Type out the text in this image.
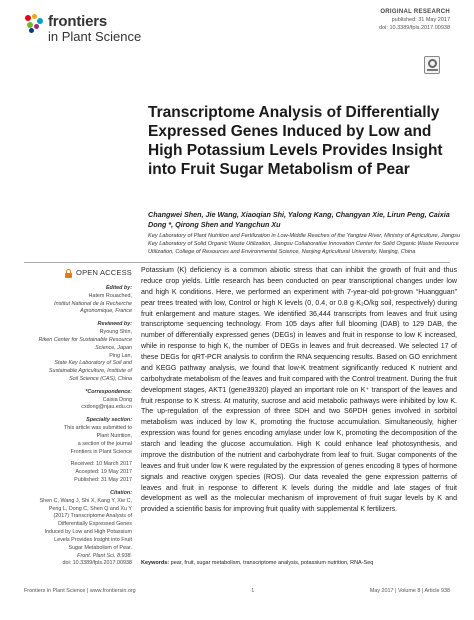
frontiers
in Plant Science
ORIGINAL RESEARCH
published: 31 May 2017
doi: 10.3389/fpls.2017.00938
Transcriptome Analysis of Differentially Expressed Genes Induced by Low and High Potassium Levels Provides Insight into Fruit Sugar Metabolism of Pear
Changwei Shen, Jie Wang, Xiaoqian Shi, Yalong Kang, Changyan Xie, Lirun Peng, Caixia Dong *, Qirong Shen and Yangchun Xu
Key Laboratory of Plant Nutrition and Fertilization in Low-Middle Reaches of the Yangtze River, Ministry of Agriculture, Jiangsu Key Laboratory of Solid Organic Waste Utilization, Jiangsu Collaborative Innovation Center for Solid Organic Waste Resource Utilization, College of Resources and Environmental Science, Nanjing Agricultural University, Nanjing, China
OPEN ACCESS
Edited by:
Hatem Rouached,
Institut National de la Recherche
Agronomique, France
Reviewed by:
Ryoung Shin,
Riken Center for Sustainable Resource
Science, Japan
Ping Lan,
State Key Laboratory of Soil and
Sustainable Agriculture, Institute of
Soil Science (CAS), China
*Correspondence:
Caixia Dong
cxdong@njau.edu.cn
Specialty section:
This article was submitted to
Plant Nutrition,
a section of the journal
Frontiers in Plant Science
Received: 10 March 2017
Accepted: 19 May 2017
Published: 31 May 2017
Citation:
Shen C, Wang J, Shi X, Kang Y, Xie C,
Peng L, Dong C, Shen Q and Xu Y
(2017) Transcriptome Analysis of
Differentially Expressed Genes
Induced by Low and High Potassium
Levels Provides Insight into Fruit
Sugar Metabolism of Pear.
Front. Plant Sci. 8:938.
doi: 10.3389/fpls.2017.00938

Potassium (K) deficiency is a common abiotic stress that can inhibit the growth of fruit and thus reduce crop yields. Little research has been conducted on pear transcriptional changes under low and high K conditions. Here, we performed an experiment with 7-year-old pot-grown “Huangguan” pear trees treated with low, Control or high K levels (0, 0.4, or 0.8 g·K₂O/kg soil, respectively) during fruit enlargement and mature stages. We identified 36,444 transcripts from leaves and fruit using transcriptome sequencing technology. From 105 days after full blooming (DAB) to 129 DAB, the number of differentially expressed genes (DEGs) in leaves and fruit in response to low K increased, while in response to high K, the number of DEGs in leaves and fruit decreased. We selected 17 of these DEGs for qRT-PCR analysis to confirm the RNA sequencing results. Based on GO enrichment and KEGG pathway analysis, we found that low-K treatment significantly reduced K nutrient and carbohydrate metabolism of the leaves and fruit compared with the Control treatment. During the fruit development stages, AKT1 (gene39320) played an important role on K⁺ transport of the leaves and fruit response to K stress. At maturity, sucrose and acid metabolic pathways were inhibited by low K. The up-regulation of the expression of three SDH and two S6PDH genes involved in sorbitol metabolism was induced by low K, promoting the fructose accumulation. Simultaneously, higher expression was found for genes encoding amylase under low K, promoting the decomposition of the starch and leading the glucose accumulation. High K could enhance leaf photosynthesis, and improve the distribution of the nutrient and carbohydrate from leaf to fruit. Sugar components of the leaves and fruit under low K were regulated by the expression of genes encoding 8 types of hormone signals and reactive oxygen species (ROS). Our data revealed the gene expression patterns of leaves and fruit in response to different K levels during the middle and late stages of fruit development as well as the molecular mechanism of improvement of fruit sugar levels by K and provided a scientific basis for improving fruit quality with supplemental K fertilizers.

Keywords: pear, fruit, sugar metabolism, transcriptome analysis, potassium nutrition, RNA-Seq
Frontiers in Plant Science | www.frontiersin.org	1	May 2017 | Volume 8 | Article 938
